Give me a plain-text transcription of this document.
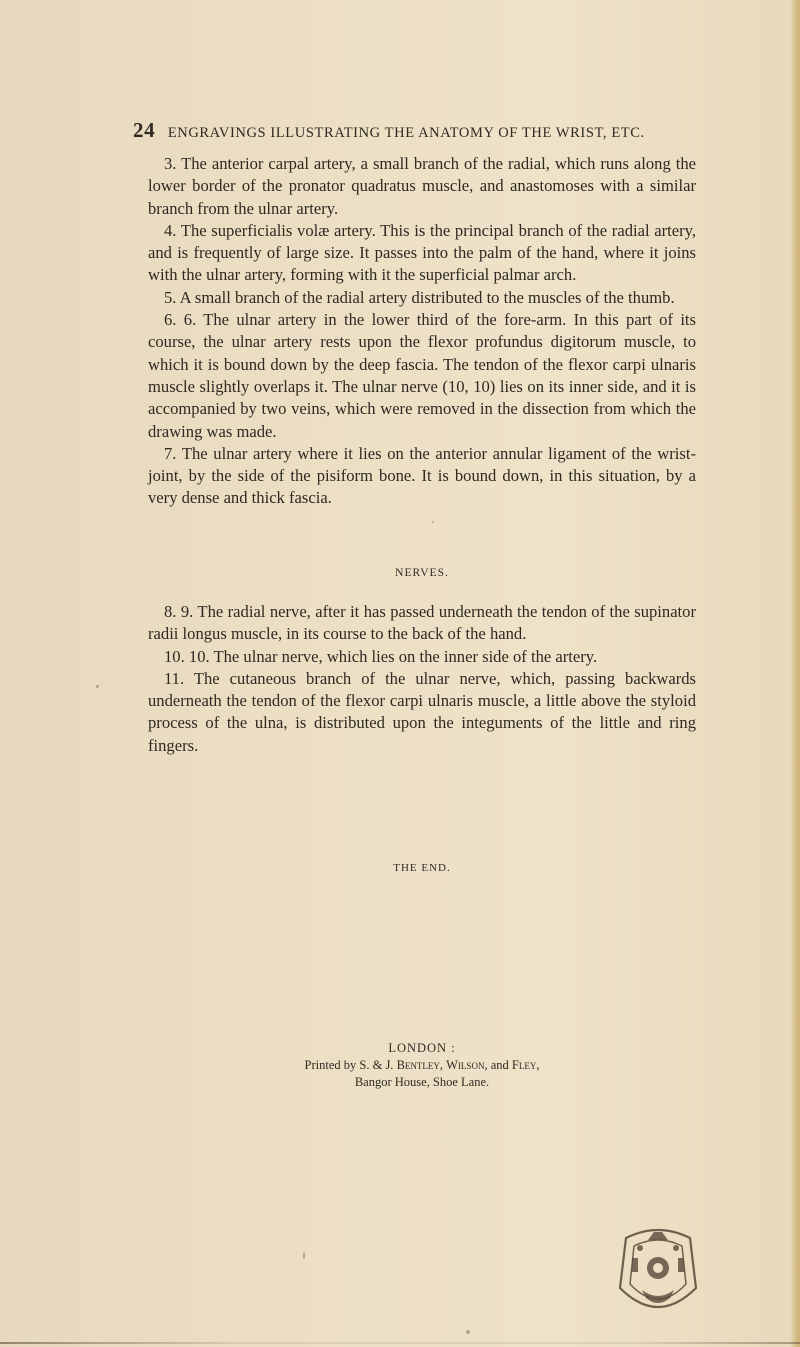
24 ENGRAVINGS ILLUSTRATING THE ANATOMY OF THE WRIST, ETC.

3. The anterior carpal artery, a small branch of the radial, which runs along the lower border of the pronator quadratus muscle, and anastomoses with a similar branch from the ulnar artery.

4. The superficialis volæ artery. This is the principal branch of the radial artery, and is frequently of large size. It passes into the palm of the hand, where it joins with the ulnar artery, forming with it the superficial palmar arch.

5. A small branch of the radial artery distributed to the muscles of the thumb.

6. 6. The ulnar artery in the lower third of the fore-arm. In this part of its course, the ulnar artery rests upon the flexor profundus digitorum muscle, to which it is bound down by the deep fascia. The tendon of the flexor carpi ulnaris muscle slightly overlaps it. The ulnar nerve (10, 10) lies on its inner side, and it is accompanied by two veins, which were removed in the dissection from which the drawing was made.

7. The ulnar artery where it lies on the anterior annular ligament of the wrist-joint, by the side of the pisiform bone. It is bound down, in this situation, by a very dense and thick fascia.

NERVES.

8. 9. The radial nerve, after it has passed underneath the tendon of the supinator radii longus muscle, in its course to the back of the hand.

10. 10. The ulnar nerve, which lies on the inner side of the artery.

11. The cutaneous branch of the ulnar nerve, which, passing backwards underneath the tendon of the flexor carpi ulnaris muscle, a little above the styloid process of the ulna, is distributed upon the integuments of the little and ring fingers.

THE END.
LONDON :
Printed by S. & J. Bentley, Wilson, and Fley,
Bangor House, Shoe Lane.
